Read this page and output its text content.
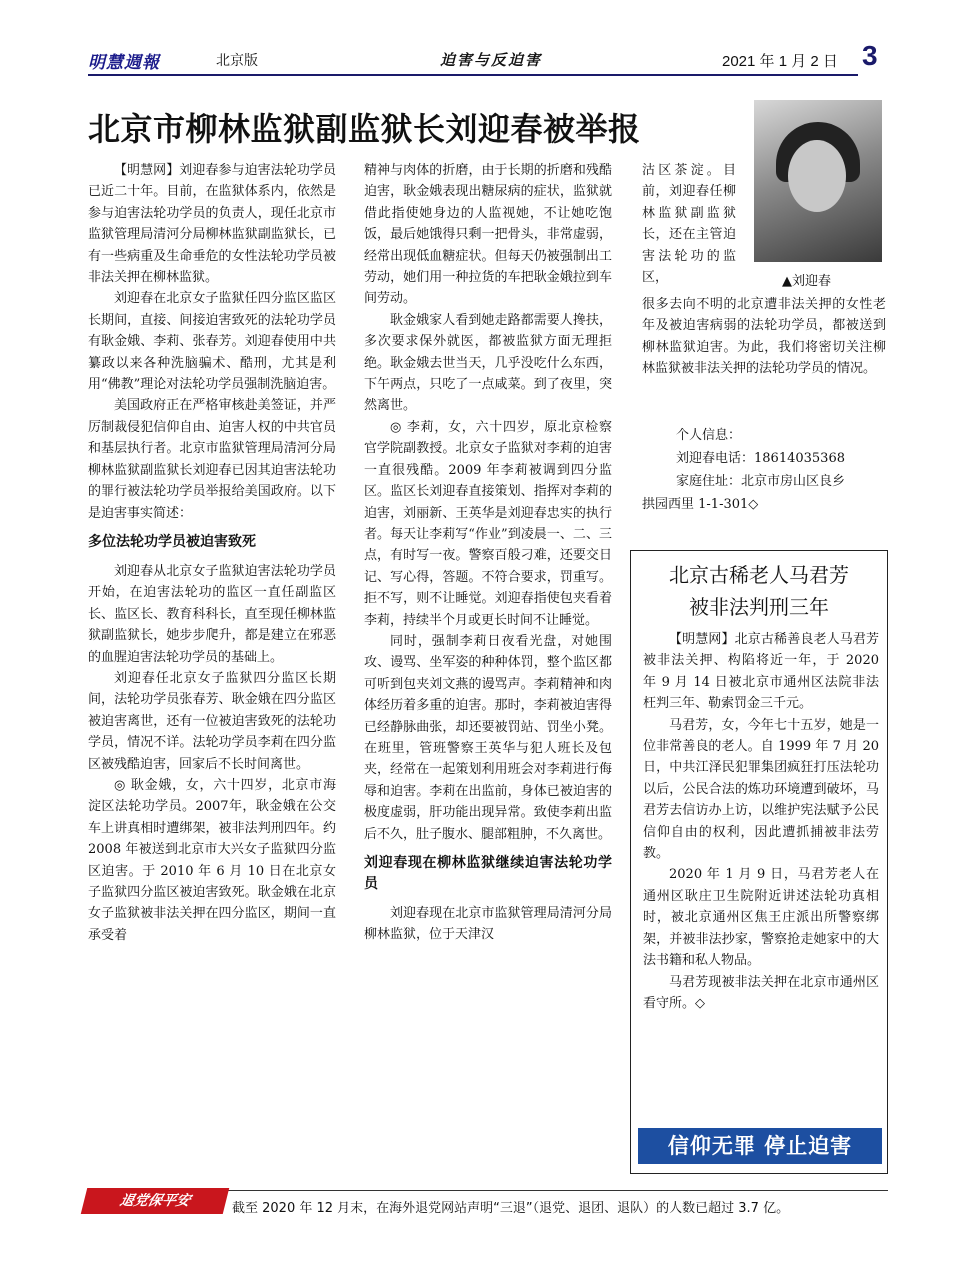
明慧週報	北京版	迫害与反迫害	2021 年 1 月 2 日 3
北京市柳林监狱副监狱长刘迎春被举报

【明慧网】刘迎春参与迫害法轮功学员已近二十年。目前，在监狱体系内，依然是参与迫害法轮功学员的负责人，现任北京市监狱管理局清河分局柳林监狱副监狱长，已有一些病重及生命垂危的女性法轮功学员被非法关押在柳林监狱。

刘迎春在北京女子监狱任四分监区监区长期间，直接、间接迫害致死的法轮功学员有耿金娥、李莉、张春芳。刘迎春使用中共纂政以来各种洗脑骗术、酷刑，尤其是利用“佛教”理论对法轮功学员强制洗脑迫害。

美国政府正在严格审核赴美签证，并严厉制裁侵犯信仰自由、迫害人权的中共官员和基层执行者。北京市监狱管理局清河分局柳林监狱副监狱长刘迎春已因其迫害法轮功的罪行被法轮功学员举报给美国政府。以下是迫害事实简述：

多位法轮功学员被迫害致死

刘迎春从北京女子监狱迫害法轮功学员开始，在迫害法轮功的监区一直任副监区长、监区长、教育科科长，直至现任柳林监狱副监狱长，她步步爬升，都是建立在邪恶的血腥迫害法轮功学员的基础上。

刘迎春任北京女子监狱四分监区长期间，法轮功学员张春芳、耿金娥在四分监区被迫害离世，还有一位被迫害致死的法轮功学员，情况不详。法轮功学员李莉在四分监区被残酷迫害，回家后不长时间离世。

◎ 耿金娥，女，六十四岁，北京市海淀区法轮功学员。2007年，耿金娥在公交车上讲真相时遭绑架，被非法判刑四年。约 2008 年被送到北京市大兴女子监狱四分监区迫害。于 2010 年 6 月 10 日在北京女子监狱四分监区被迫害致死。耿金娥在北京女子监狱被非法关押在四分监区，期间一直承受着

精神与肉体的折磨，由于长期的折磨和残酷迫害，耿金娥表现出糖尿病的症状，监狱就借此指使她身边的人监视她，不让她吃饱饭，最后她饿得只剩一把骨头，非常虚弱，经常出现低血糖症状。但每天仍被强制出工劳动，她们用一种拉货的车把耿金娥拉到车间劳动。

耿金娥家人看到她走路都需要人搀扶，多次要求保外就医，都被监狱方面无理拒绝。耿金娥去世当天，几乎没吃什么东西，下午两点，只吃了一点咸菜。到了夜里，突然离世。

◎ 李莉，女，六十四岁，原北京检察官学院副教授。北京女子监狱对李莉的迫害一直很残酷。2009 年李莉被调到四分监区。监区长刘迎春直接策划、指挥对李莉的迫害，刘丽新、王英华是刘迎春忠实的执行者。每天让李莉写“作业”到凌晨一、二、三点，有时写一夜。警察百般刁难，还要交日记、写心得，答题。不符合要求，罚重写。拒不写，则不让睡觉。刘迎春指使包夹看着李莉，持续半个月或更长时间不让睡觉。

同时，强制李莉日夜看光盘，对她围攻、谩骂、坐军姿的种种体罚，整个监区都可听到包夹刘文燕的谩骂声。李莉精神和肉体经历着多重的迫害。那时，李莉被迫害得已经静脉曲张，却还要被罚站、罚坐小凳。在班里，管班警察王英华与犯人班长及包夹，经常在一起策划利用班会对李莉进行侮辱和迫害。李莉在出监前，身体已被迫害的极度虚弱，肝功能出现异常。致使李莉出监后不久，肚子腹水、腿部粗肿，不久离世。

刘迎春现在柳林监狱继续迫害法轮功学员

刘迎春现在北京市监狱管理局清河分局柳林监狱，位于天津汉

沽区茶淀。目前，刘迎春任柳林监狱副监狱长，还在主管迫害法轮功的监区，	▲刘迎春

很多去向不明的北京遭非法关押的女性老年及被迫害病弱的法轮功学员，都被送到柳林监狱迫害。为此，我们将密切关注柳林监狱被非法关押的法轮功学员的情况。

个人信息：
刘迎春电话：18614035368
家庭住址：北京市房山区良乡
拱园西里 1-1-301◇
北京古稀老人马君芳
被非法判刑三年

【明慧网】北京古稀善良老人马君芳被非法关押、构陷将近一年，于 2020 年 9 月 14 日被北京市通州区法院非法枉判三年、勒索罚金三千元。

马君芳，女，今年七十五岁，她是一位非常善良的老人。自 1999 年 7 月 20 日，中共江泽民犯罪集团疯狂打压法轮功以后，公民合法的炼功环境遭到破坏，马君芳去信访办上访，以维护宪法赋予公民信仰自由的权利，因此遭抓捕被非法劳教。

2020 年 1 月 9 日，马君芳老人在通州区耿庄卫生院附近讲述法轮功真相时，被北京通州区焦王庄派出所警察绑架，并被非法抄家，警察抢走她家中的大法书籍和私人物品。

马君芳现被非法关押在北京市通州区看守所。◇

信仰无罪 停止迫害
退党保平安	截至 2020 年 12 月末，在海外退党网站声明“三退”（退党、退团、退队）的人数已超过 3.7 亿。
